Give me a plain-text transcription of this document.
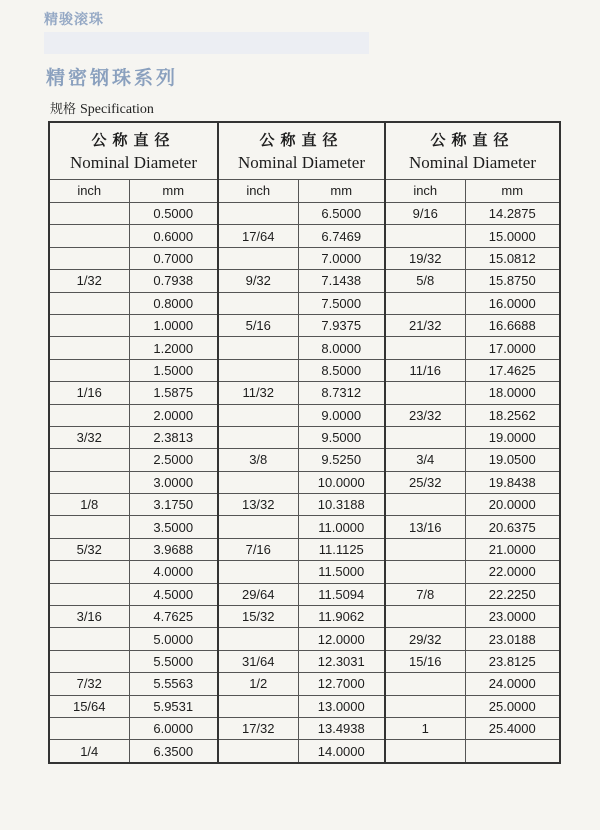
精骏滚珠
精密钢珠系列
规格 Specification
公称直径
Nominal Diameter		公称直径
Nominal Diameter		公称直径
Nominal Diameter	

inch	mm	inch	mm	inch	mm
	0.5000		6.5000	9/16	14.2875
	0.6000	17/64	6.7469		15.0000
	0.7000		7.0000	19/32	15.0812
1/32	0.7938	9/32	7.1438	5/8	15.8750
	0.8000		7.5000		16.0000
	1.0000	5/16	7.9375	21/32	16.6688
	1.2000		8.0000		17.0000
	1.5000		8.5000	11/16	17.4625
1/16	1.5875	11/32	8.7312		18.0000
	2.0000		9.0000	23/32	18.2562
3/32	2.3813		9.5000		19.0000
	2.5000	3/8	9.5250	3/4	19.0500
	3.0000		10.0000	25/32	19.8438
1/8	3.1750	13/32	10.3188		20.0000
	3.5000		11.0000	13/16	20.6375
5/32	3.9688	7/16	11.1125		21.0000
	4.0000		11.5000		22.0000
	4.5000	29/64	11.5094	7/8	22.2250
3/16	4.7625	15/32	11.9062		23.0000
	5.0000		12.0000	29/32	23.0188
	5.5000	31/64	12.3031	15/16	23.8125
7/32	5.5563	1/2	12.7000		24.0000
15/64	5.9531		13.0000		25.0000
	6.0000	17/32	13.4938	1	25.4000
1/4	6.3500		14.0000		
